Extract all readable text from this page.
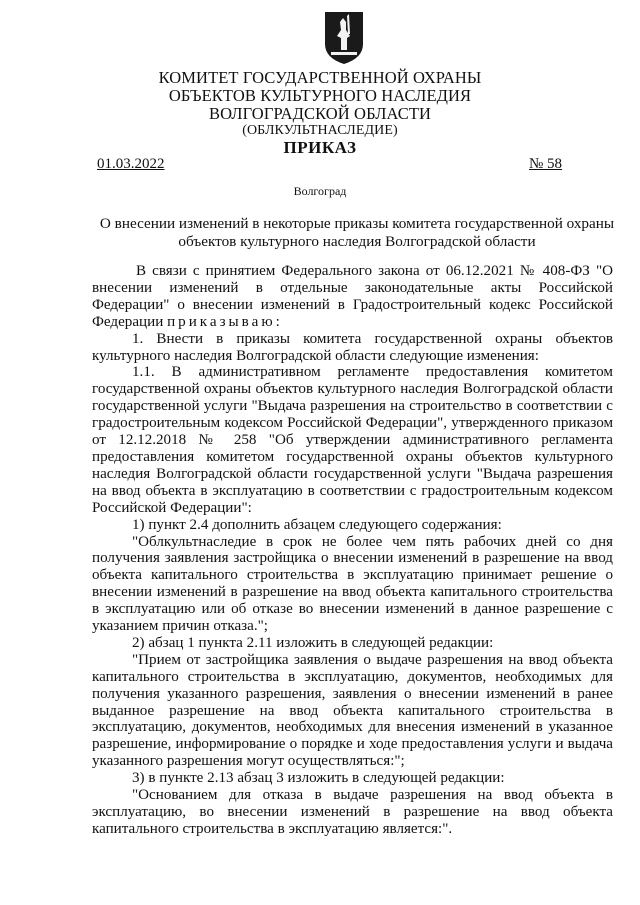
КОМИТЕТ ГОСУДАРСТВЕННОЙ ОХРАНЫ
ОБЪЕКТОВ КУЛЬТУРНОГО НАСЛЕДИЯ
ВОЛГОГРАДСКОЙ ОБЛАСТИ
(ОБЛКУЛЬТНАСЛЕДИЕ)
ПРИКАЗ
01.03.2022	№ 58
Волгоград
О внесении изменений в некоторые приказы комитета государственной охраны объектов культурного наследия Волгоградской области

В связи с принятием Федерального закона от 06.12.2021 № 408-ФЗ "О внесении изменений в отдельные законодательные акты Российской Федерации" о внесении изменений в Градостроительный кодекс Российской Федерации приказываю:

1. Внести в приказы комитета государственной охраны объектов культурного наследия Волгоградской области следующие изменения:

1.1. В административном регламенте предоставления комитетом государственной охраны объектов культурного наследия Волгоградской области государственной услуги "Выдача разрешения на строительство в соответствии с градостроительным кодексом Российской Федерации", утвержденного приказом от 12.12.2018 № 258 "Об утверждении административного регламента предоставления комитетом государственной охраны объектов культурного наследия Волгоградской области государственной услуги "Выдача разрешения на ввод объекта в эксплуатацию в соответствии с градостроительным кодексом Российской Федерации":

1) пункт 2.4 дополнить абзацем следующего содержания:

"Облкультнаследие в срок не более чем пять рабочих дней со дня получения заявления застройщика о внесении изменений в разрешение на ввод объекта капитального строительства в эксплуатацию принимает решение о внесении изменений в разрешение на ввод объекта капитального строительства в эксплуатацию или об отказе во внесении изменений в данное разрешение с указанием причин отказа.";

2) абзац 1 пункта 2.11 изложить в следующей редакции:

"Прием от застройщика заявления о выдаче разрешения на ввод объекта капитального строительства в эксплуатацию, документов, необходимых для получения указанного разрешения, заявления о внесении изменений в ранее выданное разрешение на ввод объекта капитального строительства в эксплуатацию, документов, необходимых для внесения изменений в указанное разрешение, информирование о порядке и ходе предоставления услуги и выдача указанного разрешения могут осуществляться:";

3) в пункте 2.13 абзац 3 изложить в следующей редакции:

"Основанием для отказа в выдаче разрешения на ввод объекта в эксплуатацию, во внесении изменений в разрешение на ввод объекта капитального строительства в эксплуатацию является:".
